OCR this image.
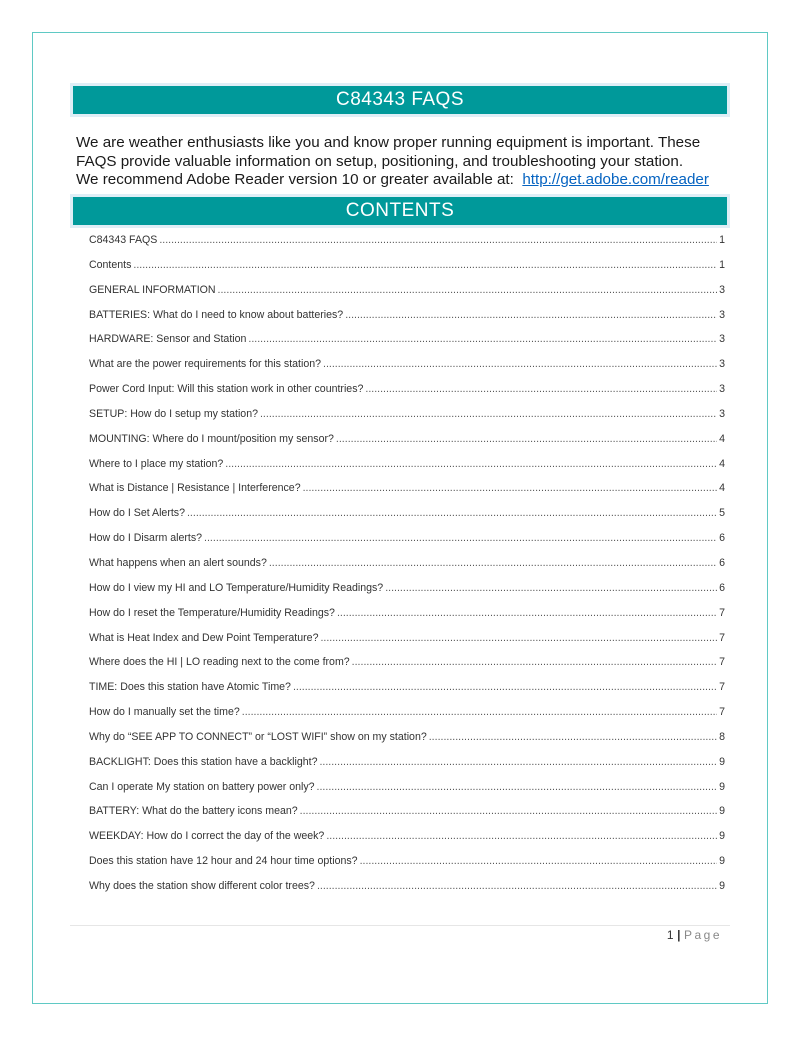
C84343 FAQS

We are weather enthusiasts like you and know proper running equipment is important. These

FAQS provide valuable information on setup, positioning, and troubleshooting your station.

We recommend Adobe Reader version 10 or greater available at: http://get.adobe.com/reader

CONTENTS
C84343 FAQS .....	1
Contents .....	1
GENERAL INFORMATION .....	3
BATTERIES: What do I need to know about batteries? .....	3
HARDWARE: Sensor and Station .....	3
What are the power requirements for this station? .....	3
Power Cord Input: Will this station work in other countries? .....	3
SETUP: How do I setup my station? .....	3
MOUNTING: Where do I mount/position my sensor? .....	4
Where to I place my station? .....	4
What is Distance | Resistance | Interference? .....	4
How do I Set Alerts? .....	5
How do I Disarm alerts? .....	6
What happens when an alert sounds? .....	6
How do I view my HI and LO Temperature/Humidity Readings? .....	6
How do I reset the Temperature/Humidity Readings? .....	7
What is Heat Index and Dew Point Temperature? .....	7
Where does the HI | LO reading next to the come from? .....	7
TIME: Does this station have Atomic Time? .....	7
How do I manually set the time? .....	7
Why do “SEE APP TO CONNECT” or “LOST WIFI” show on my station? .....	8
BACKLIGHT: Does this station have a backlight? .....	9
Can I operate My station on battery power only? .....	9
BATTERY: What do the battery icons mean? .....	9
WEEKDAY: How do I correct the day of the week? .....	9
Does this station have 12 hour and 24 hour time options? .....	9
Why does the station show different color trees? .....	9
1 | Page
